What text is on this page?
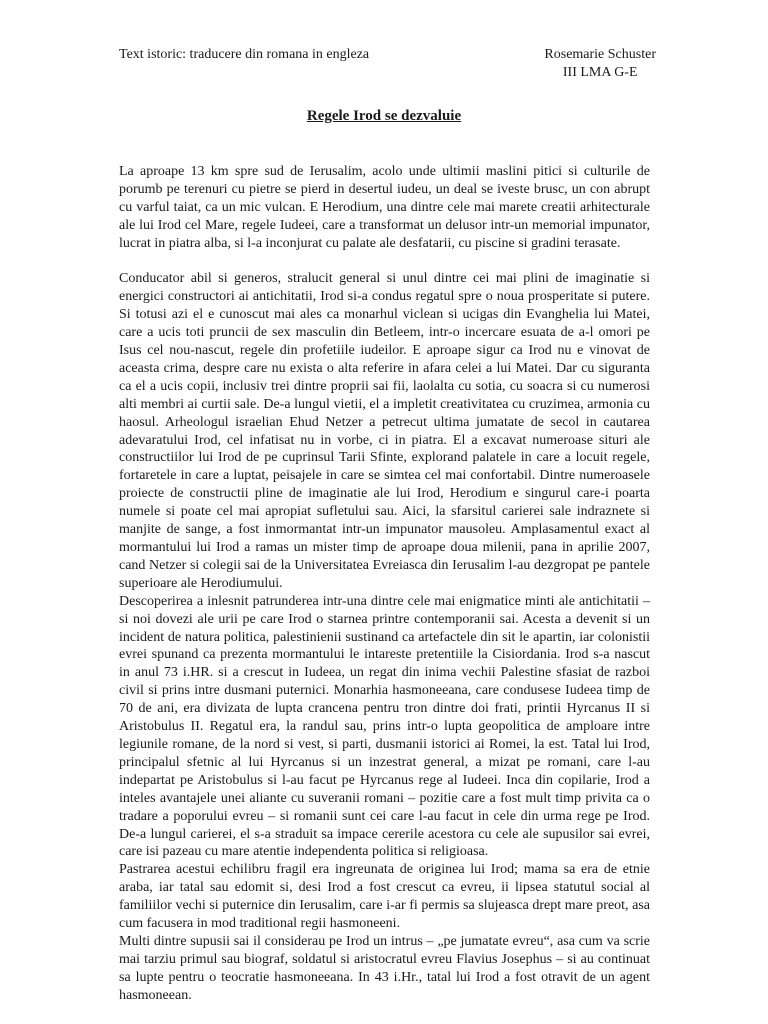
Text istoric: traducere din romana in engleza	Rosemarie Schuster
III LMA G-E
Regele Irod se dezvaluie

La aproape 13 km spre sud de Ierusalim, acolo unde ultimii maslini pitici si culturile de porumb pe terenuri cu pietre se pierd in desertul iudeu, un deal se iveste brusc, un con abrupt cu varful taiat, ca un mic vulcan. E Herodium, una dintre cele mai marete creatii arhitecturale ale lui Irod cel Mare, regele Iudeei, care a transformat un delusor intr-un memorial impunator, lucrat in piatra alba, si l-a inconjurat cu palate ale desfatarii, cu piscine si gradini terasate.

Conducator abil si generos, stralucit general si unul dintre cei mai plini de imaginatie si energici constructori ai antichitatii, Irod si-a condus regatul spre o noua prosperitate si putere. Si totusi azi el e cunoscut mai ales ca monarhul viclean si ucigas din Evanghelia lui Matei, care a ucis toti pruncii de sex masculin din Betleem, intr-o incercare esuata de a-l omori pe Isus cel nou-nascut, regele din profetiile iudeilor. E aproape sigur ca Irod nu e vinovat de aceasta crima, despre care nu exista o alta referire in afara celei a lui Matei. Dar cu siguranta ca el a ucis copii, inclusiv trei dintre proprii sai fii, laolalta cu sotia, cu soacra si cu numerosi alti membri ai curtii sale. De-a lungul vietii, el a impletit creativitatea cu cruzimea, armonia cu haosul. Arheologul israelian Ehud Netzer a petrecut ultima jumatate de secol in cautarea adevaratului Irod, cel infatisat nu in vorbe, ci in piatra. El a excavat numeroase situri ale constructiilor lui Irod de pe cuprinsul Tarii Sfinte, explorand palatele in care a locuit regele, fortaretele in care a luptat, peisajele in care se simtea cel mai confortabil. Dintre numeroasele proiecte de constructii pline de imaginatie ale lui Irod, Herodium e singurul care-i poarta numele si poate cel mai apropiat sufletului sau. Aici, la sfarsitul carierei sale indraznete si manjite de sange, a fost inmormantat intr-un impunator mausoleu. Amplasamentul exact al mormantului lui Irod a ramas un mister timp de aproape doua milenii, pana in aprilie 2007, cand Netzer si colegii sai de la Universitatea Evreiasca din Ierusalim l-au dezgropat pe pantele superioare ale Herodiumului.

Descoperirea a inlesnit patrunderea intr-una dintre cele mai enigmatice minti ale antichitatii – si noi dovezi ale urii pe care Irod o starnea printre contemporanii sai. Acesta a devenit si un incident de natura politica, palestinienii sustinand ca artefactele din sit le apartin, iar colonistii evrei spunand ca prezenta mormantului le intareste pretentiile la Cisiordania. Irod s-a nascut in anul 73 i.HR. si a crescut in Iudeea, un regat din inima vechii Palestine sfasiat de razboi civil si prins intre dusmani puternici. Monarhia hasmoneeana, care condusese Iudeea timp de 70 de ani, era divizata de lupta crancena pentru tron dintre doi frati, printii Hyrcanus II si Aristobulus II. Regatul era, la randul sau, prins intr-o lupta geopolitica de amploare intre legiunile romane, de la nord si vest, si parti, dusmanii istorici ai Romei, la est. Tatal lui Irod, principalul sfetnic al lui Hyrcanus si un inzestrat general, a mizat pe romani, care l-au indepartat pe Aristobulus si l-au facut pe Hyrcanus rege al Iudeei. Inca din copilarie, Irod a inteles avantajele unei aliante cu suveranii romani – pozitie care a fost mult timp privita ca o tradare a poporului evreu – si romanii sunt cei care l-au facut in cele din urma rege pe Irod. De-a lungul carierei, el s-a straduit sa impace cererile acestora cu cele ale supusilor sai evrei, care isi pazeau cu mare atentie independenta politica si religioasa.

Pastrarea acestui echilibru fragil era ingreunata de originea lui Irod; mama sa era de etnie araba, iar tatal sau edomit si, desi Irod a fost crescut ca evreu, ii lipsea statutul social al familiilor vechi si puternice din Ierusalim, care i-ar fi permis sa slujeasca drept mare preot, asa cum facusera in mod traditional regii hasmoneeni.

Multi dintre supusii sai il considerau pe Irod un intrus – „pe jumatate evreu“, asa cum va scrie mai tarziu primul sau biograf, soldatul si aristocratul evreu Flavius Josephus – si au continuat sa lupte pentru o teocratie hasmoneeana. In 43 i.Hr., tatal lui Irod a fost otravit de un agent hasmoneean.
